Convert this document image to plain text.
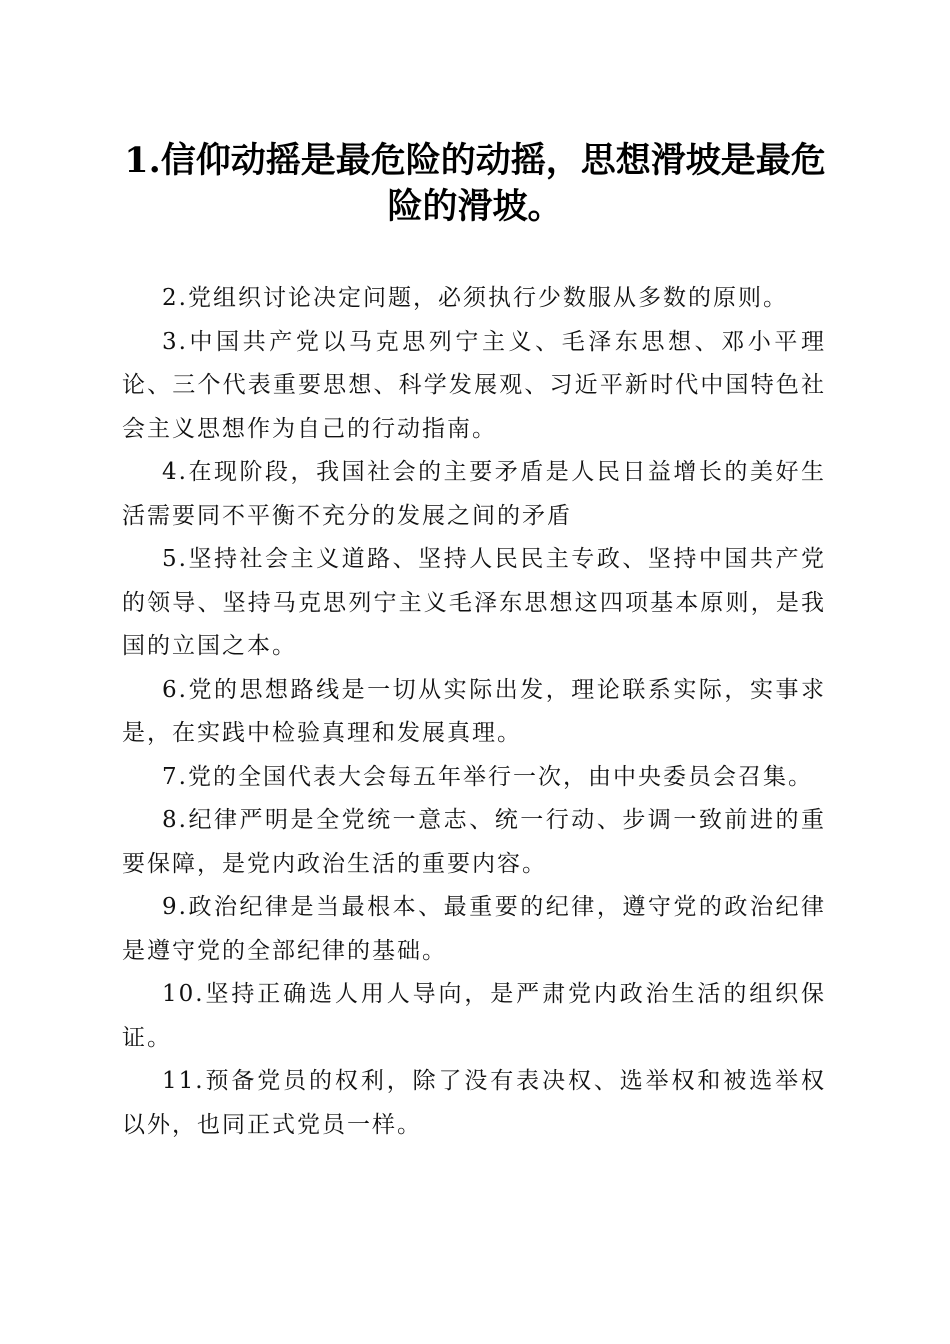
1.信仰动摇是最危险的动摇，思想滑坡是最危险的滑坡。

2.党组织讨论决定问题，必须执行少数服从多数的原则。

3.中国共产党以马克思列宁主义、毛泽东思想、邓小平理论、三个代表重要思想、科学发展观、习近平新时代中国特色社会主义思想作为自己的行动指南。

4.在现阶段，我国社会的主要矛盾是人民日益增长的美好生活需要同不平衡不充分的发展之间的矛盾

5.坚持社会主义道路、坚持人民民主专政、坚持中国共产党的领导、坚持马克思列宁主义毛泽东思想这四项基本原则，是我国的立国之本。

6.党的思想路线是一切从实际出发，理论联系实际，实事求是，在实践中检验真理和发展真理。

7.党的全国代表大会每五年举行一次，由中央委员会召集。

8.纪律严明是全党统一意志、统一行动、步调一致前进的重要保障，是党内政治生活的重要内容。

9.政治纪律是当最根本、最重要的纪律，遵守党的政治纪律是遵守党的全部纪律的基础。

10.坚持正确选人用人导向，是严肃党内政治生活的组织保证。

11.预备党员的权利，除了没有表决权、选举权和被选举权以外，也同正式党员一样。
